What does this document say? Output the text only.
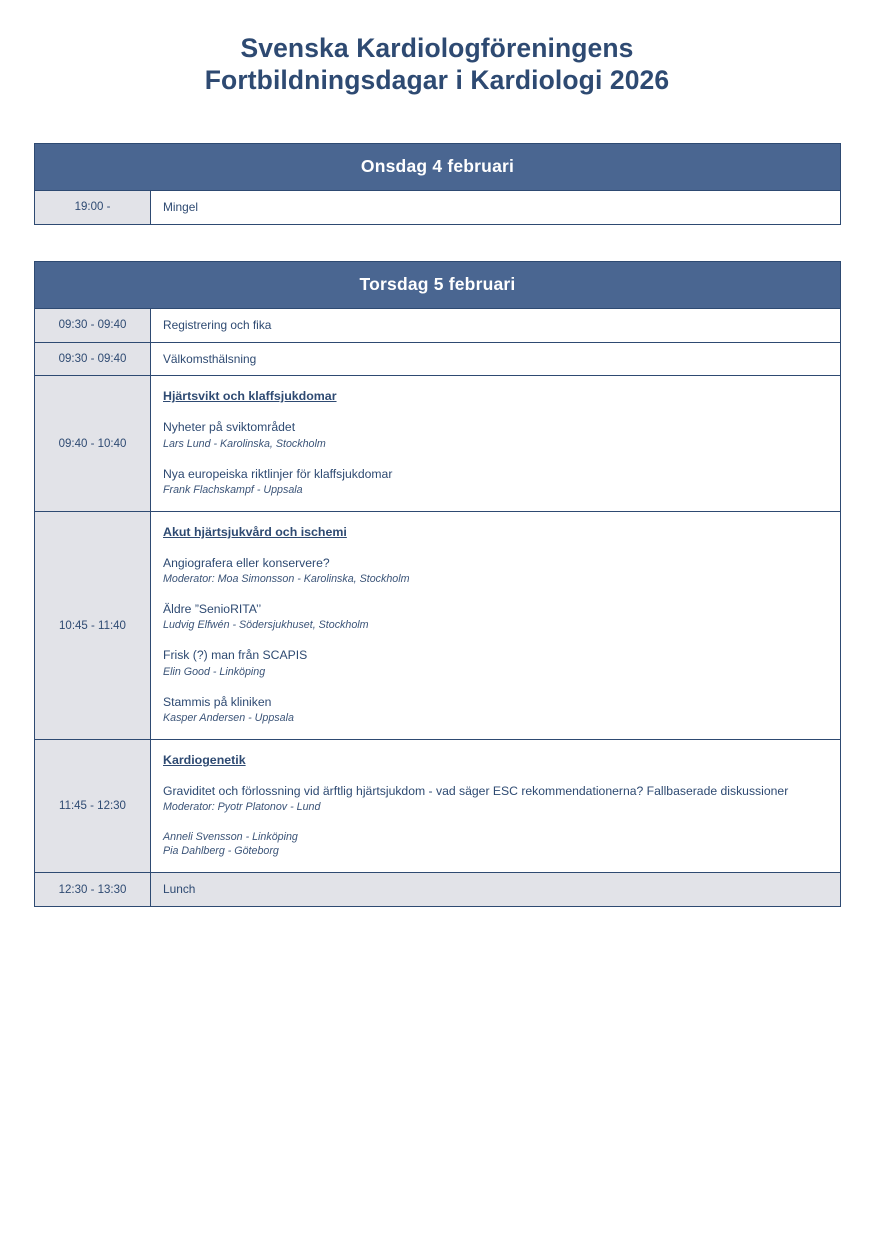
Svenska Kardiologföreningens
Fortbildningsdagar i Kardiologi 2026
Onsdag 4 februari
19:00 -	Mingel
Torsdag 5 februari	
09:30 - 09:40	Registrering och fika
09:30 - 09:40	Välkomsthälsning
09:40 - 10:40	Hjärtsvikt och klaffsjukdomar
Nyheter på sviktområdet
Lars Lund - Karolinska, Stockholm
Nya europeiska riktlinjer för klaffsjukdomar
Frank Flachskampf - Uppsala

10:45 - 11:40	
Akut hjärtsjukvård och ischemi
Angiografera eller konservere?
Moderator: Moa Simonsson - Karolinska, Stockholm
Äldre ”SenioRITA’’
Ludvig Elfwén - Södersjukhuset, Stockholm
Frisk (?) man från SCAPIS
Elin Good - Linköping
Stammis på kliniken
Kasper Andersen - Uppsala

11:45 - 12:30	Kardiogenetik
Graviditet och förlossning vid ärftlig hjärtsjukdom - vad säger ESC rekommendationerna? Fallbaserade diskussioner
Moderator: Pyotr Platonov - Lund
Anneli Svensson - Linköping
Pia Dahlberg - Göteborg

12:30 - 13:30	Lunch
